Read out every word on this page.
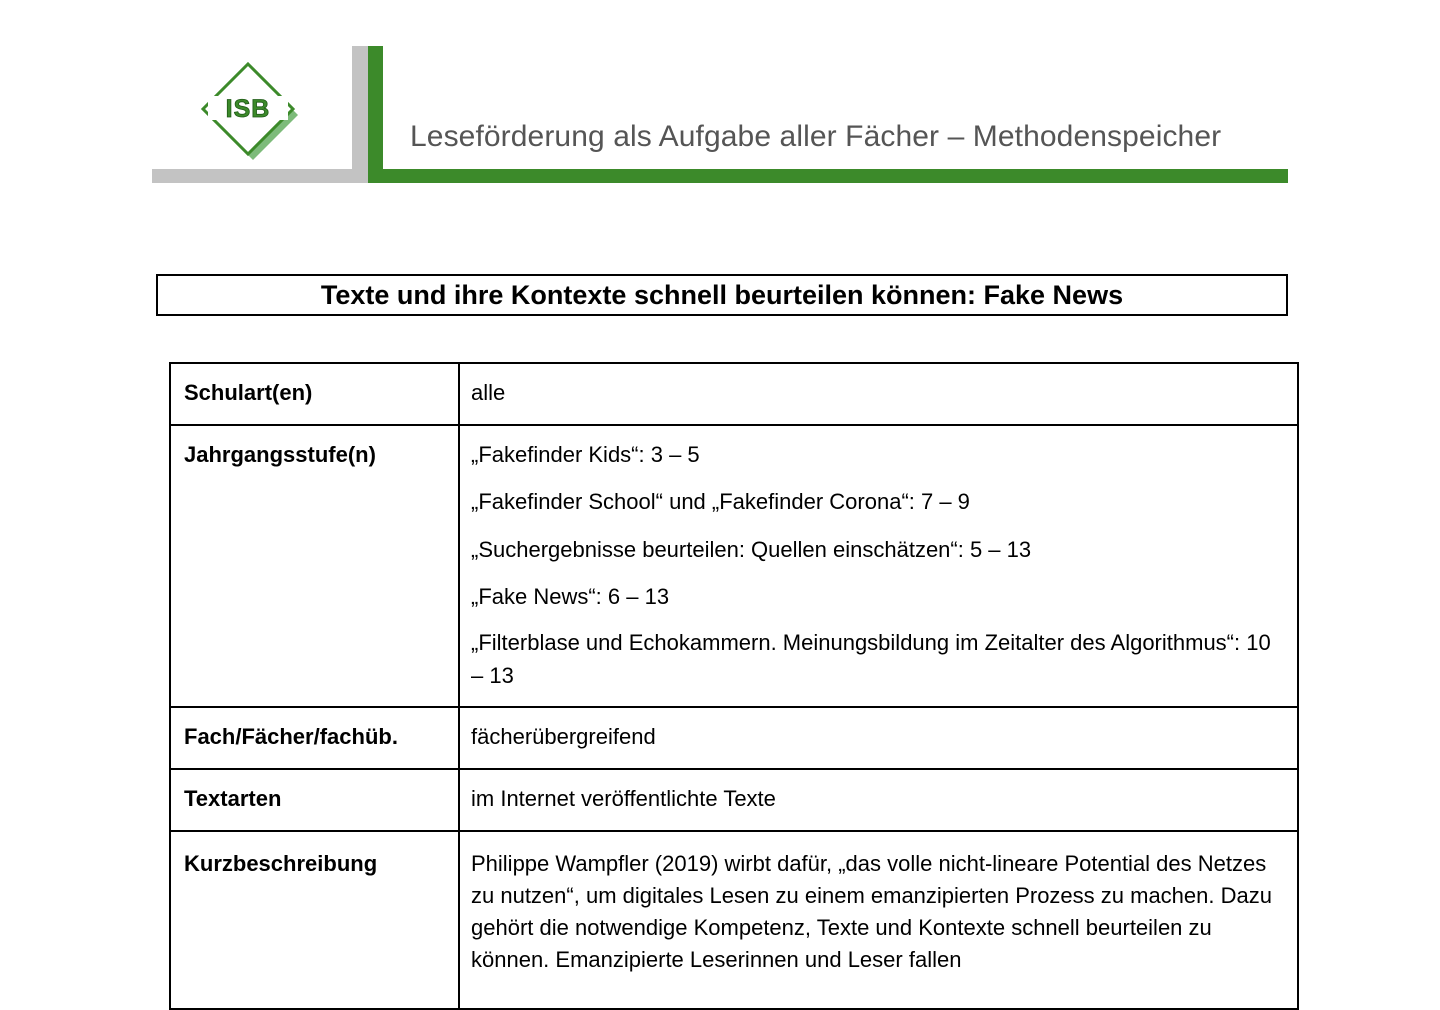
ISB
Leseförderung als Aufgabe aller Fächer – Methodenspeicher
Texte und ihre Kontexte schnell beurteilen können: Fake News
Schulart(en)	alle
Jahrgangsstufe(n)	„Fakefinder Kids“: 3 – 5
„Fakefinder School“ und „Fakefinder Corona“: 7 – 9
„Suchergebnisse beurteilen: Quellen einschätzen“: 5 – 13
„Fake News“: 6 – 13
„Filterblase und Echokammern. Meinungsbildung im Zeitalter des Algorithmus“: 10 – 13

Fach/Fächer/fachüb.	fächerübergreifend
Textarten	im Internet veröffentlichte Texte
Kurzbeschreibung	Philippe Wampfler (2019) wirbt dafür, „das volle nicht-lineare Potential des Netzes zu nutzen“, um digitales Lesen zu einem emanzipierten Prozess zu machen. Dazu gehört die notwendige Kompetenz, Texte und Kontexte schnell beurteilen zu können. Emanzipierte Leserinnen und Leser fallen
